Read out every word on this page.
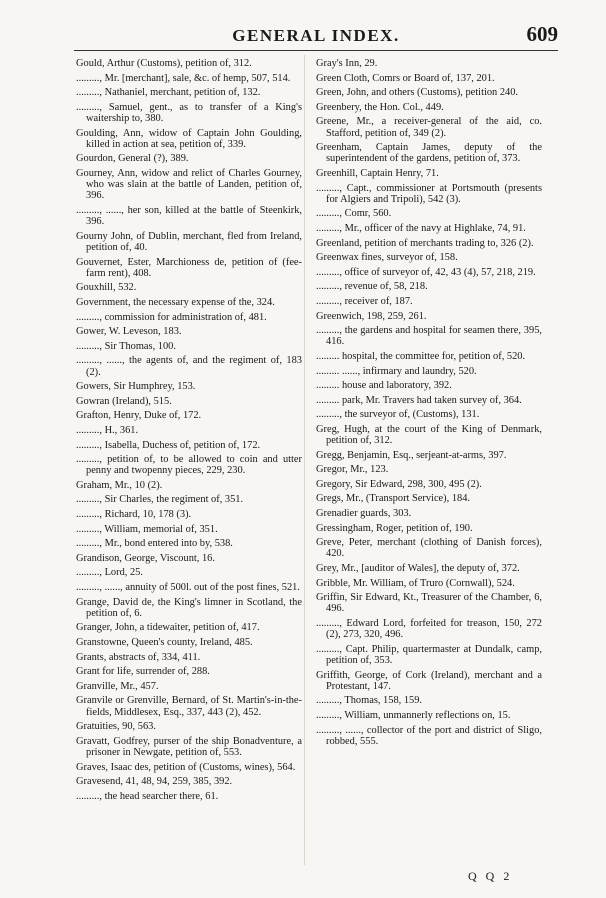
GENERAL INDEX.	609
Gould, Arthur (Customs), petition of, 312.
........., Mr. [merchant], sale, &c. of hemp, 507, 514.
........., Nathaniel, merchant, petition of, 132.
........., Samuel, gent., as to transfer of a King's waitership to, 380.
Goulding, Ann, widow of Captain John Goulding, killed in action at sea, petition of, 339.
Gourdon, General (?), 389.
Gourney, Ann, widow and relict of Charles Gourney, who was slain at the battle of Landen, petition of, 396.
........., ......, her son, killed at the battle of Steenkirk, 396.
Gourny John, of Dublin, merchant, fled from Ireland, petition of, 40.
Gouvernet, Ester, Marchioness de, petition of (fee-farm rent), 408.
Gouxhill, 532.
Government, the necessary expense of the, 324.
........., commission for administration of, 481.
Gower, W. Leveson, 183.
........., Sir Thomas, 100.
........., ......, the agents of, and the regiment of, 183 (2).
Gowers, Sir Humphrey, 153.
Gowran (Ireland), 515.
Grafton, Henry, Duke of, 172.
........., H., 361.
........., Isabella, Duchess of, petition of, 172.
........., petition of, to be allowed to coin and utter penny and twopenny pieces, 229, 230.
Graham, Mr., 10 (2).
........., Sir Charles, the regiment of, 351.
........., Richard, 10, 178 (3).
........., William, memorial of, 351.
........., Mr., bond entered into by, 538.
Grandison, George, Viscount, 16.
........., Lord, 25.
........., ......, annuity of 500l. out of the post fines, 521.
Grange, David de, the King's limner in Scotland, the petition of, 6.
Granger, John, a tidewaiter, petition of, 417.
Granstowne, Queen's county, Ireland, 485.
Grants, abstracts of, 334, 411.
Grant for life, surrender of, 288.
Granville, Mr., 457.
Granvile or Grenville, Bernard, of St. Martin's-in-the-fields, Middlesex, Esq., 337, 443 (2), 452.
Gratuities, 90, 563.
Gravatt, Godfrey, purser of the ship Bonadventure, a prisoner in Newgate, petition of, 553.
Graves, Isaac des, petition of (Customs, wines), 564.
Gravesend, 41, 48, 94, 259, 385, 392.
........., the head searcher there, 61.
Gray's Inn, 29.
Green Cloth, Comrs or Board of, 137, 201.
Green, John, and others (Customs), petition 240.
Greenbery, the Hon. Col., 449.
Greene, Mr., a receiver-general of the aid, co. Stafford, petition of, 349 (2).
Greenham, Captain James, deputy of the superintendent of the gardens, petition of, 373.
Greenhill, Captain Henry, 71.
........., Capt., commissioner at Portsmouth (presents for Algiers and Tripoli), 542 (3).
........., Comr, 560.
........., Mr., officer of the navy at Highlake, 74, 91.
Greenland, petition of merchants trading to, 326 (2).
Greenwax fines, surveyor of, 158.
........., office of surveyor of, 42, 43 (4), 57, 218, 219.
........., revenue of, 58, 218.
........., receiver of, 187.
Greenwich, 198, 259, 261.
........., the gardens and hospital for seamen there, 395, 416.
......... hospital, the committee for, petition of, 520.
......... ......, infirmary and laundry, 520.
......... house and laboratory, 392.
......... park, Mr. Travers had taken survey of, 364.
........., the surveyor of, (Customs), 131.
Greg, Hugh, at the court of the King of Denmark, petition of, 312.
Gregg, Benjamin, Esq., serjeant-at-arms, 397.
Gregor, Mr., 123.
Gregory, Sir Edward, 298, 300, 495 (2).
Gregs, Mr., (Transport Service), 184.
Grenadier guards, 303.
Gressingham, Roger, petition of, 190.
Greve, Peter, merchant (clothing of Danish forces), 420.
Grey, Mr., [auditor of Wales], the deputy of, 372.
Gribble, Mr. William, of Truro (Cornwall), 524.
Griffin, Sir Edward, Kt., Treasurer of the Chamber, 6, 496.
........., Edward Lord, forfeited for treason, 150, 272 (2), 273, 320, 496.
........., Capt. Philip, quartermaster at Dundalk, camp, petition of, 353.
Griffith, George, of Cork (Ireland), merchant and a Protestant, 147.
........., Thomas, 158, 159.
........., William, unmannerly reflections on, 15.
........., ......, collector of the port and district of Sligo, robbed, 555.
Q Q 2
